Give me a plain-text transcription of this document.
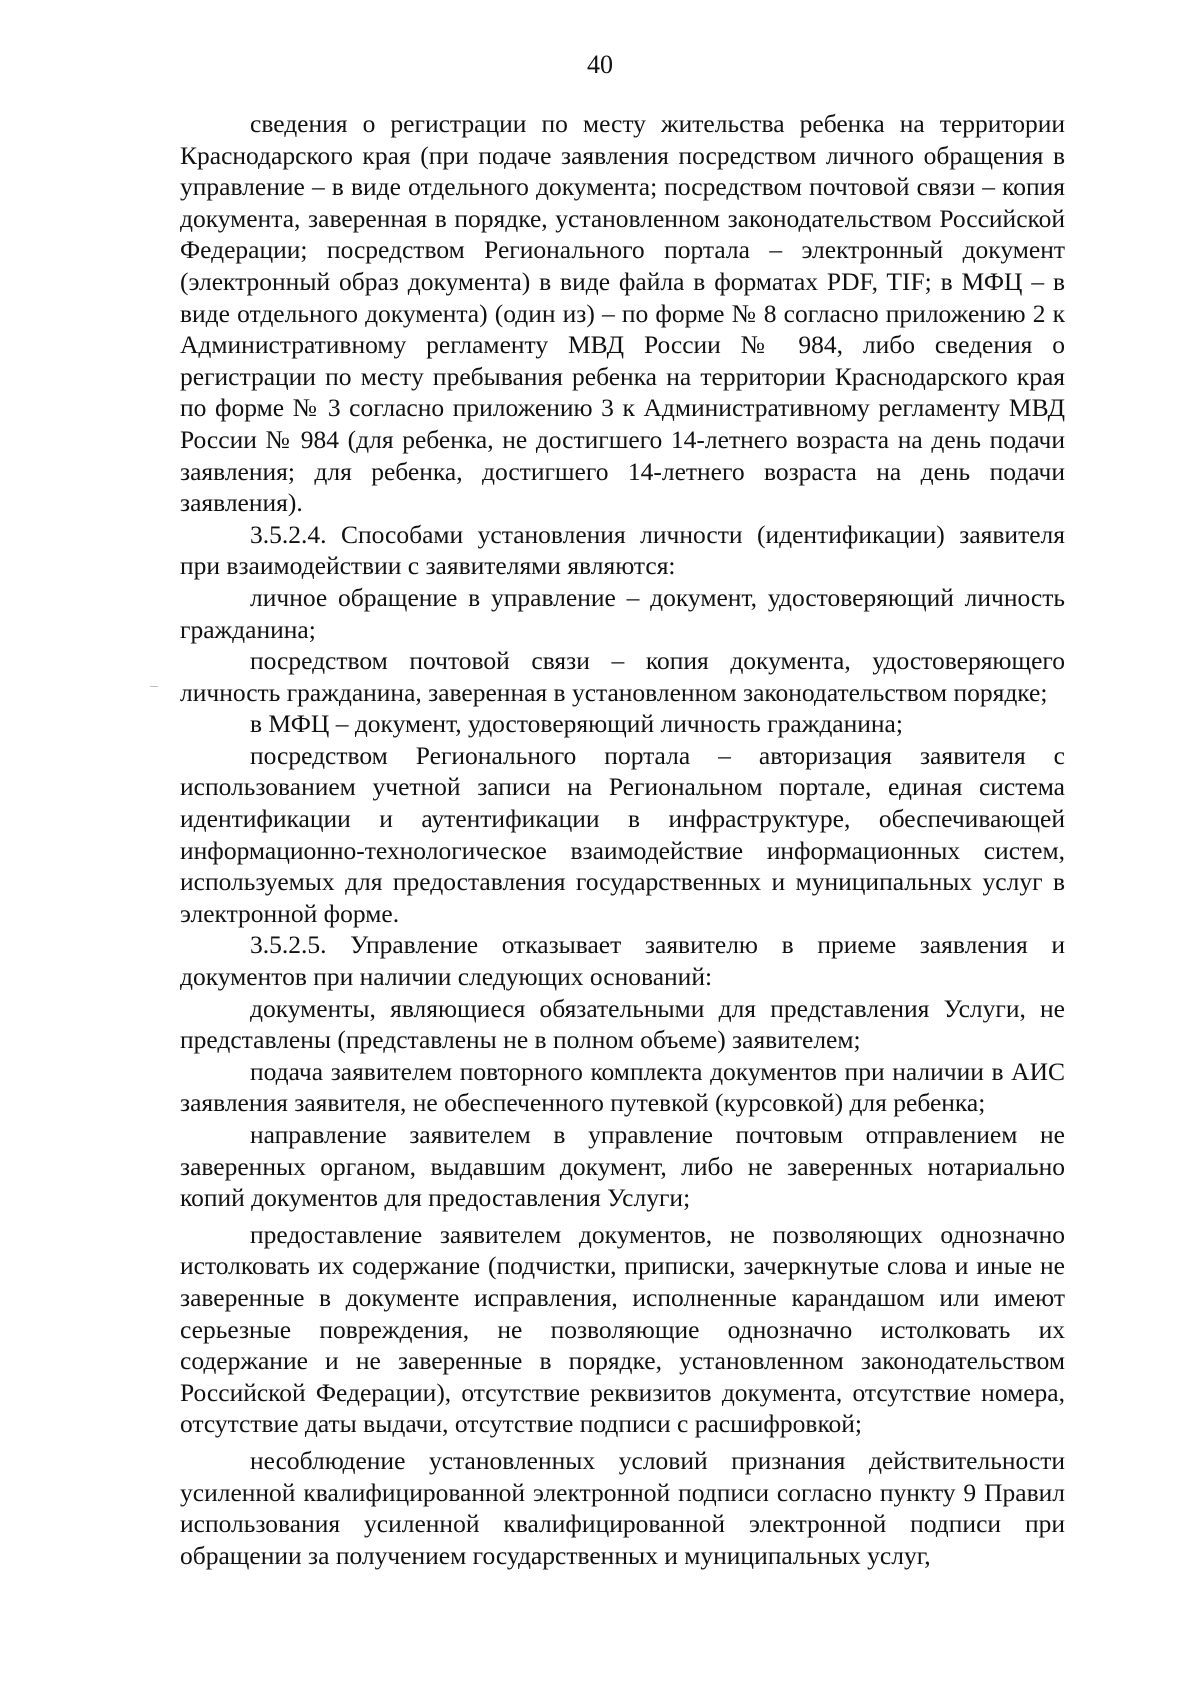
40

сведения о регистрации по месту жительства ребенка на территории Краснодарского края (при подаче заявления посредством личного обращения в управление – в виде отдельного документа; посредством почтовой связи – копия документа, заверенная в порядке, установленном законодательством Российской Федерации; посредством Регионального портала – электронный документ (электронный образ документа) в виде файла в форматах PDF, TIF; в МФЦ – в виде отдельного документа) (один из) – по форме № 8 согласно приложению 2 к Административному регламенту МВД России № 984, либо сведения о регистрации по месту пребывания ребенка на территории Краснодарского края по форме № 3 согласно приложению 3 к Административному регламенту МВД России № 984 (для ребенка, не достигшего 14-летнего возраста на день подачи заявления; для ребенка, достигшего 14-летнего возраста на день подачи заявления).

3.5.2.4. Способами установления личности (идентификации) заявителя при взаимодействии с заявителями являются:

личное обращение в управление – документ, удостоверяющий личность гражданина;

посредством почтовой связи – копия документа, удостоверяющего личность гражданина, заверенная в установленном законодательством порядке;

в МФЦ – документ, удостоверяющий личность гражданина;

посредством Регионального портала – авторизация заявителя с использованием учетной записи на Региональном портале, единая система идентификации и аутентификации в инфраструктуре, обеспечивающей информационно-технологическое взаимодействие информационных систем, используемых для предоставления государственных и муниципальных услуг в электронной форме.

3.5.2.5. Управление отказывает заявителю в приеме заявления и документов при наличии следующих оснований:

документы, являющиеся обязательными для представления Услуги, не представлены (представлены не в полном объеме) заявителем;

подача заявителем повторного комплекта документов при наличии в АИС заявления заявителя, не обеспеченного путевкой (курсовкой) для ребенка;

направление заявителем в управление почтовым отправлением не заверенных органом, выдавшим документ, либо не заверенных нотариально копий документов для предоставления Услуги;

предоставление заявителем документов, не позволяющих однозначно истолковать их содержание (подчистки, приписки, зачеркнутые слова и иные не заверенные в документе исправления, исполненные карандашом или имеют серьезные повреждения, не позволяющие однозначно истолковать их содержание и не заверенные в порядке, установленном законодательством Российской Федерации), отсутствие реквизитов документа, отсутствие номера, отсутствие даты выдачи, отсутствие подписи с расшифровкой;

несоблюдение установленных условий признания действительности усиленной квалифицированной электронной подписи согласно пункту 9 Правил использования усиленной квалифицированной электронной подписи при обращении за получением государственных и муниципальных услуг,
